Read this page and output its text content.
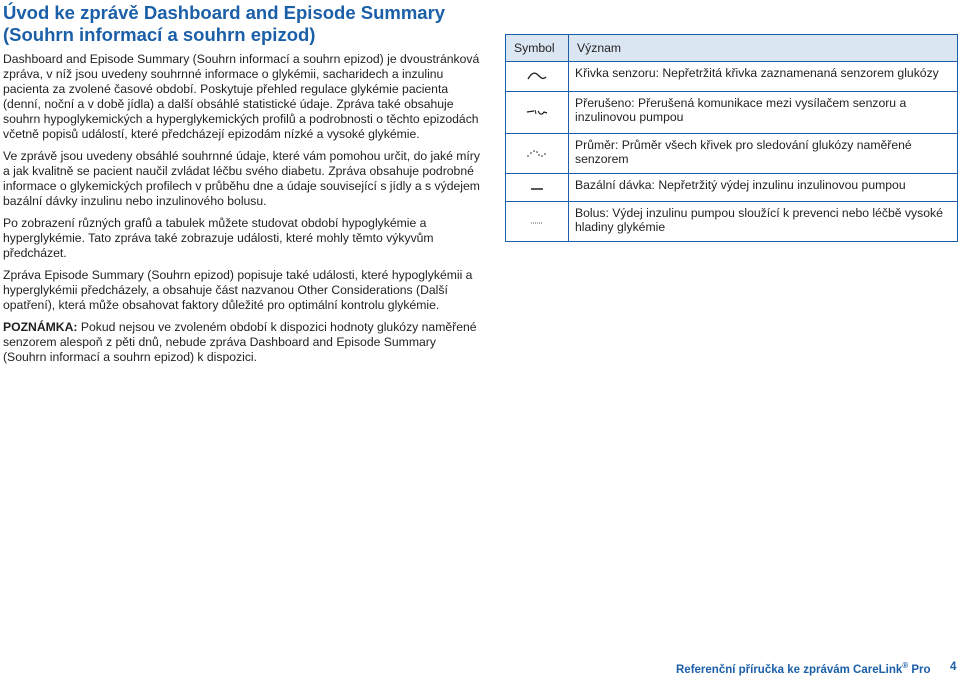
Úvod ke zprávě Dashboard and Episode Summary (Souhrn informací a souhrn epizod)

Dashboard and Episode Summary (Souhrn informací a souhrn epizod) je dvoustránková zpráva, v níž jsou uvedeny souhrnné informace o glykémii, sacharidech a inzulinu pacienta za zvolené časové období. Poskytuje přehled regulace glykémie pacienta (denní, noční a v době jídla) a další obsáhlé statistické údaje. Zpráva také obsahuje souhrn hypoglykemických a hyperglykemických profilů a podrobnosti o těchto epizodách včetně popisů událostí, které předcházejí epizodám nízké a vysoké glykémie.

Ve zprávě jsou uvedeny obsáhlé souhrnné údaje, které vám pomohou určit, do jaké míry a jak kvalitně se pacient naučil zvládat léčbu svého diabetu. Zpráva obsahuje podrobné informace o glykemických profilech v průběhu dne a údaje související s jídly a s výdejem bazální dávky inzulinu nebo inzulinového bolusu.

Po zobrazení různých grafů a tabulek můžete studovat období hypoglykémie a hyperglykémie. Tato zpráva také zobrazuje události, které mohly těmto výkyvům předcházet.

Zpráva Episode Summary (Souhrn epizod) popisuje také události, které hypoglykémii a hyperglykémii předcházely, a obsahuje část nazvanou Other Considerations (Další opatření), která může obsahovat faktory důležité pro optimální kontrolu glykémie.

POZNÁMKA: Pokud nejsou ve zvoleném období k dispozici hodnoty glukózy naměřené senzorem alespoň z pěti dnů, nebude zpráva Dashboard and Episode Summary (Souhrn informací a souhrn epizod) k dispozici.

Symbol	Význam
	Křivka senzoru: Nepřetržitá křivka zaznamenaná senzorem glukózy
	Přerušeno: Přerušená komunikace mezi vysílačem senzoru a inzulinovou pumpou
	Průměr: Průměr všech křivek pro sledování glukózy naměřené senzorem
	Bazální dávka: Nepřetržitý výdej inzulinu inzulinovou pumpou
	Bolus: Výdej inzulinu pumpou sloužící k prevenci nebo léčbě vysoké hladiny glykémie
Referenční příručka ke zprávám CareLink® Pro 4
